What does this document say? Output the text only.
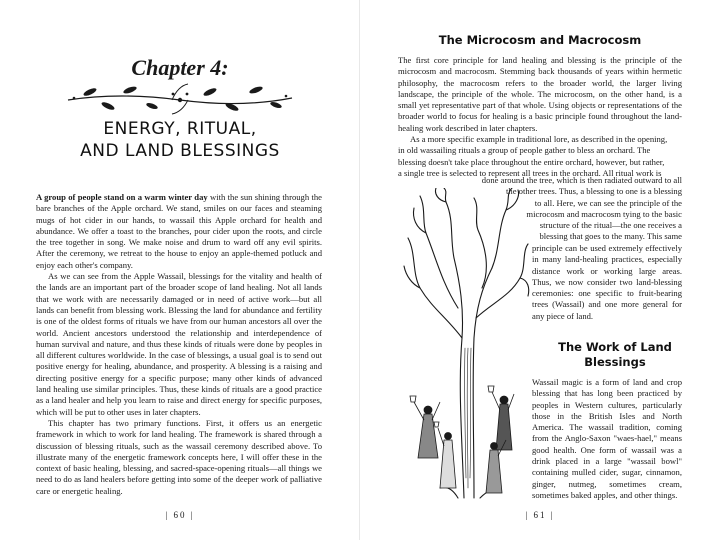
Chapter 4:
ENERGY, RITUAL,
AND LAND BLESSINGS

A group of people stand on a warm winter day with the sun shining through the bare branches of the Apple orchard. We stand, smiles on our faces and steaming mugs of hot cider in our hands, to wassail this Apple orchard for health and abundance. We offer a toast to the branches, pour cider upon the roots, and circle the tree together in song. We make noise and drum to ward off any evil spirits. After the ceremony, we retreat to the house to enjoy an apple-themed potluck and enjoy each other's company.

As we can see from the Apple Wassail, blessings for the vitality and health of the lands are an important part of the broader scope of land healing. Not all lands that we work with are necessarily damaged or in need of active work—but all lands can benefit from blessing work. Blessing the land for abundance and fertility is one of the oldest forms of rituals we have from our human ancestors all over the world. Ancient ancestors understood the relationship and interdependence of human survival and nature, and thus these kinds of rituals were done by peoples in all different cultures worldwide. In the case of blessings, a usual goal is to send out positive energy for healing, abundance, and prosperity. A blessing is a raising and directing positive energy for a specific purpose; many other kinds of advanced land healing use similar principles. Thus, these kinds of rituals are a good practice as a land healer and help you learn to raise and direct energy for specific purposes, which will be put to other uses in later chapters.

This chapter has two primary functions. First, it offers us an energetic framework in which to work for land healing. The framework is shared through a discussion of blessing rituals, such as the wassail ceremony described above. To illustrate many of the energetic framework concepts here, I will offer these in the context of basic healing, blessing, and sacred-space-opening rituals—all things we need to do as land healers before getting into some of the deeper work of palliative care or energetic healing.

| 60 |
The Microcosm and Macrocosm

The first core principle for land healing and blessing is the principle of the microcosm and macrocosm. Stemming back thousands of years within hermetic philosophy, the macrocosm refers to the broader world, the larger living landscape, the principle of the whole. The microcosm, on the other hand, is a small yet representative part of that whole. Using objects or representations of the broader world to focus for healing is a basic principle found throughout the land-healing work described in later chapters.

As a more specific example in traditional lore, as described in the opening,
in old wassailing rituals a group of people gather to bless an orchard. The
blessing doesn't take place throughout the entire orchard, however, but rather,
a single tree is selected to represent all trees in the orchard. All ritual work is

done around the tree, which is then radiated outward to all
the other trees. Thus, a blessing to one is a blessing
to all. Here, we can see the principle of the
microcosm and macrocosm tying to the basic
structure of the ritual—the one receives a
blessing that goes to the many. This same
principle can be used extremely effectively in many land-healing practices, especially distance work or working large areas. Thus, we now consider two land-blessing ceremonies: one specific to fruit-bearing trees (Wassail) and one more general for any piece of land.
The Work of Land Blessings
Wassail magic is a form of land and crop blessing that has long been practiced by peoples in Western cultures, particularly those in the British Isles and North America. The wassail tradition, coming from the Anglo-Saxon "waes-hael," means good health. One form of wassail was a drink placed in a large "wassail bowl" containing mulled cider, sugar, cinnamon, ginger, nutmeg, sometimes cream, sometimes baked apples, and other things.
| 61 |
